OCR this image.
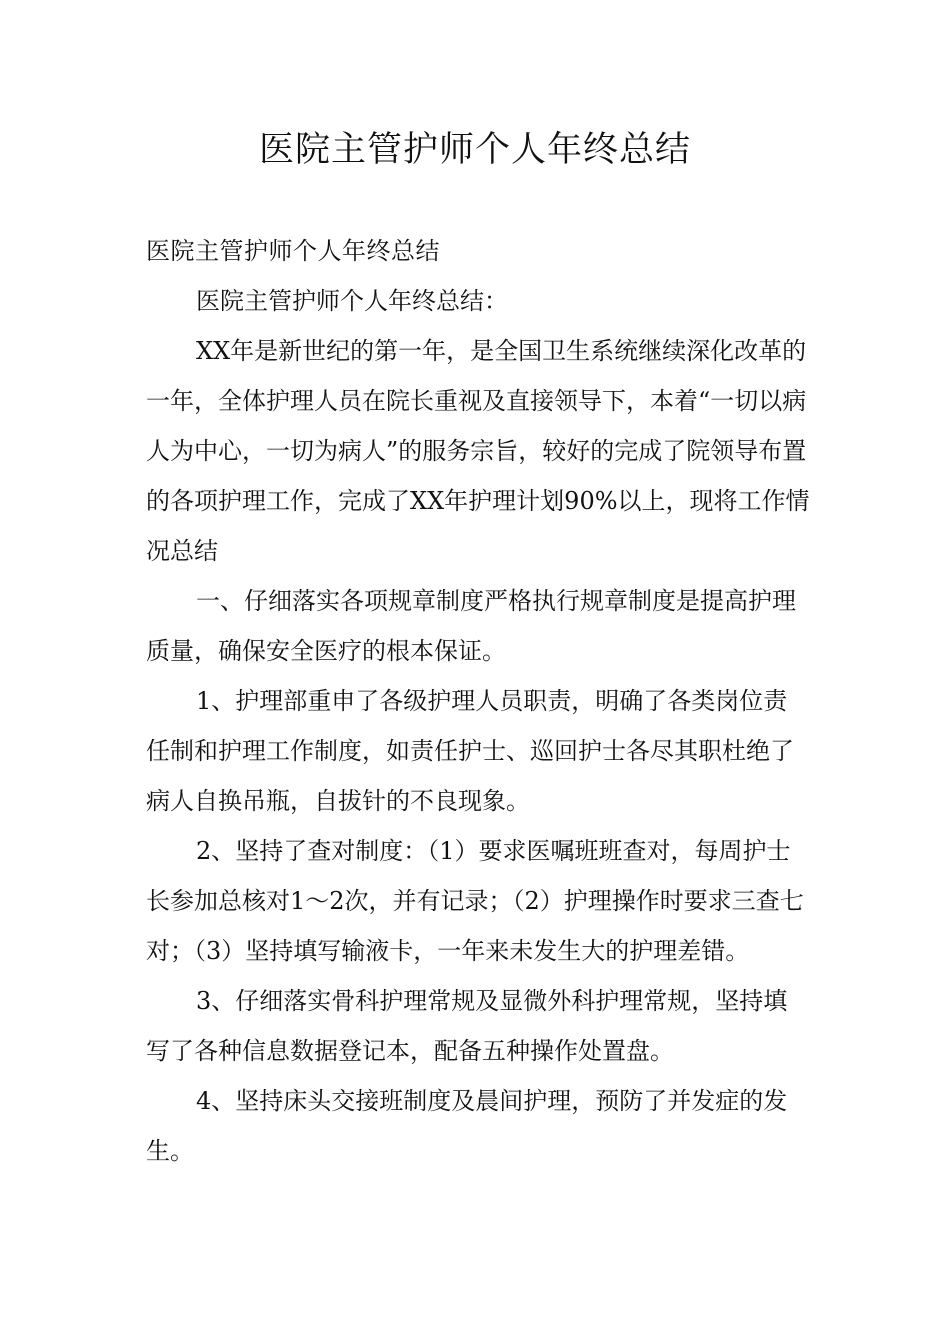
医院主管护师个人年终总结

医院主管护师个人年终总结

医院主管护师个人年终总结：

XX年是新世纪的第一年，是全国卫生系统继续深化改革的一年，全体护理人员在院长重视及直接领导下，本着“一切以病人为中心，一切为病人”的服务宗旨，较好的完成了院领导布置的各项护理工作，完成了XX年护理计划90%以上，现将工作情况总结

一、仔细落实各项规章制度严格执行规章制度是提高护理质量，确保安全医疗的根本保证。

1、护理部重申了各级护理人员职责，明确了各类岗位责任制和护理工作制度，如责任护士、巡回护士各尽其职杜绝了病人自换吊瓶，自拔针的不良现象。

2、坚持了查对制度：（1）要求医嘱班班查对，每周护士长参加总核对1～2次，并有记录；（2）护理操作时要求三查七对；（3）坚持填写输液卡，一年来未发生大的护理差错。

3、仔细落实骨科护理常规及显微外科护理常规，坚持填写了各种信息数据登记本，配备五种操作处置盘。

4、坚持床头交接班制度及晨间护理，预防了并发症的发生。
